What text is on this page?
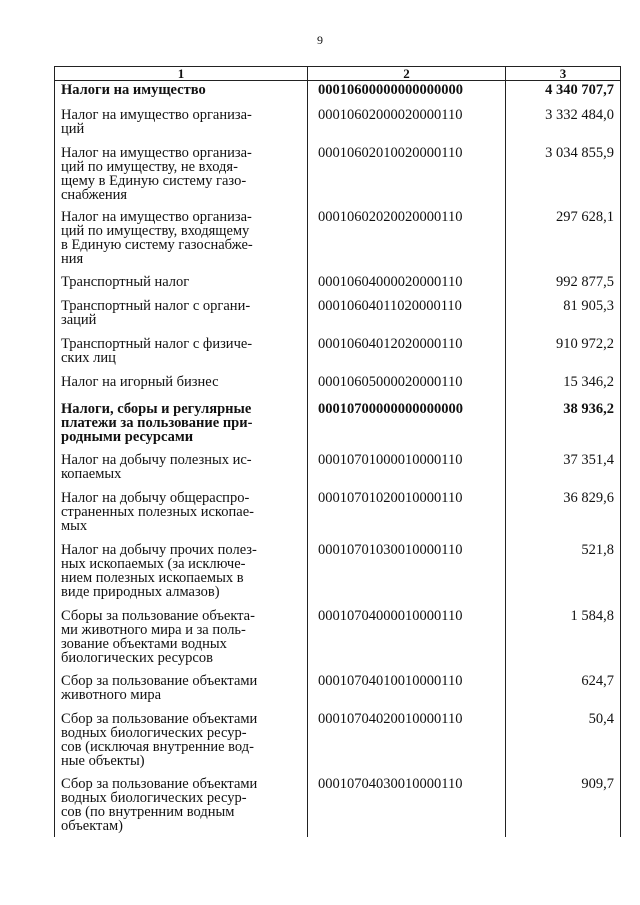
9
1	2	3
Налоги на имущество	00010600000000000000	4 340 707,7
Налог на имущество организа-
ций	00010602000020000110	3 332 484,0
Налог на имущество организа-
ций по имуществу, не входя-
щему в Единую систему газо-
снабжения	00010602010020000110	3 034 855,9
Налог на имущество организа-
ций по имуществу, входящему
в Единую систему газоснабже-
ния	00010602020020000110	297 628,1
Транспортный налог	00010604000020000110	992 877,5
Транспортный налог с органи-
заций	00010604011020000110	81 905,3
Транспортный налог с физиче-
ских лиц	00010604012020000110	910 972,2
Налог на игорный бизнес	00010605000020000110	15 346,2
Налоги, сборы и регулярные
платежи за пользование при-
родными ресурсами	00010700000000000000	38 936,2
Налог на добычу полезных ис-
копаемых	00010701000010000110	37 351,4
Налог на добычу общераспро-
страненных полезных ископае-
мых	00010701020010000110	36 829,6
Налог на добычу прочих полез-
ных ископаемых (за исключе-
нием полезных ископаемых в
виде природных алмазов)	00010701030010000110	521,8
Сборы за пользование объекта-
ми животного мира и за поль-
зование объектами водных
биологических ресурсов	00010704000010000110	1 584,8
Сбор за пользование объектами
животного мира	00010704010010000110	624,7
Сбор за пользование объектами
водных биологических ресур-
сов (исключая внутренние вод-
ные объекты)	00010704020010000110	50,4
Сбор за пользование объектами
водных биологических ресур-
сов (по внутренним водным
объектам)	00010704030010000110	909,7
